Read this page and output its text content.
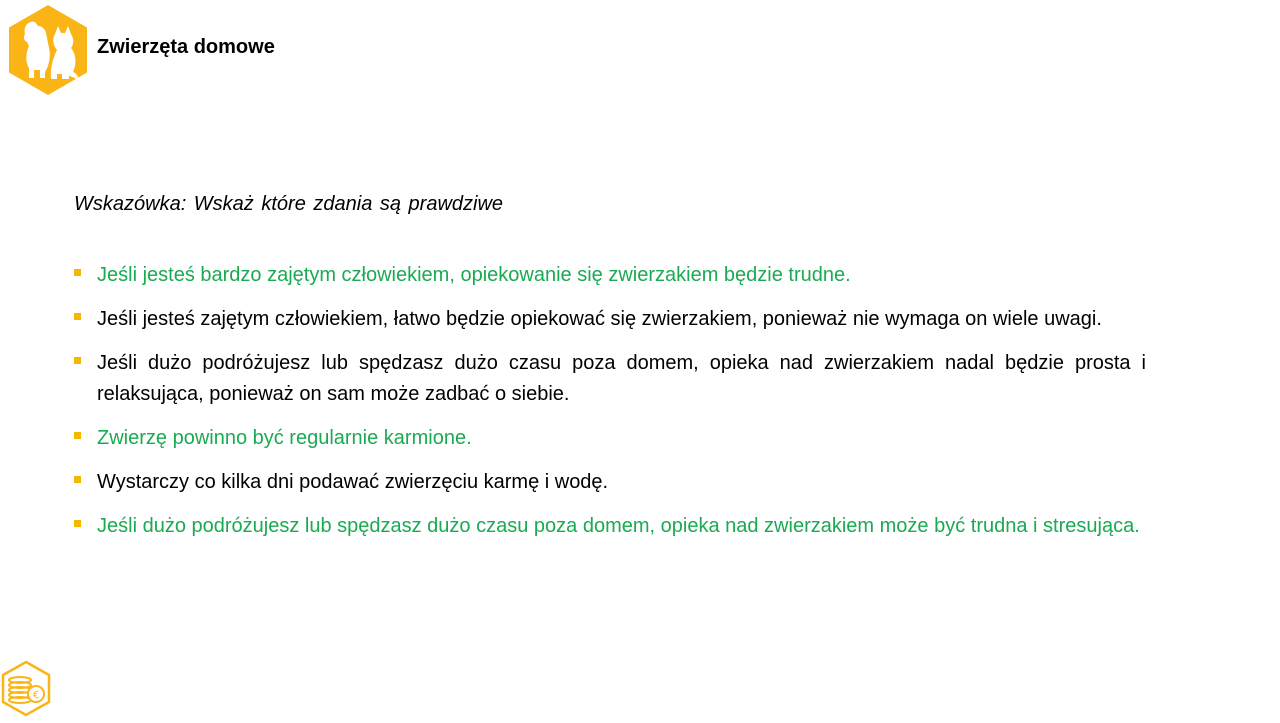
Zwierzęta domowe
Wskazówka: Wskaż które zdania są prawdziwe
Jeśli jesteś bardzo zajętym człowiekiem, opiekowanie się zwierzakiem będzie trudne.
Jeśli jesteś zajętym człowiekiem, łatwo będzie opiekować się zwierzakiem, ponieważ nie wymaga on wiele uwagi.
Jeśli dużo podróżujesz lub spędzasz dużo czasu poza domem, opieka nad zwierzakiem nadal będzie prosta i relaksująca, ponieważ on sam może zadbać o siebie.
Zwierzę powinno być regularnie karmione.
Wystarczy co kilka dni podawać zwierzęciu karmę i wodę.
Jeśli dużo podróżujesz lub spędzasz dużo czasu poza domem, opieka nad zwierzakiem może być trudna i stresująca.
€
